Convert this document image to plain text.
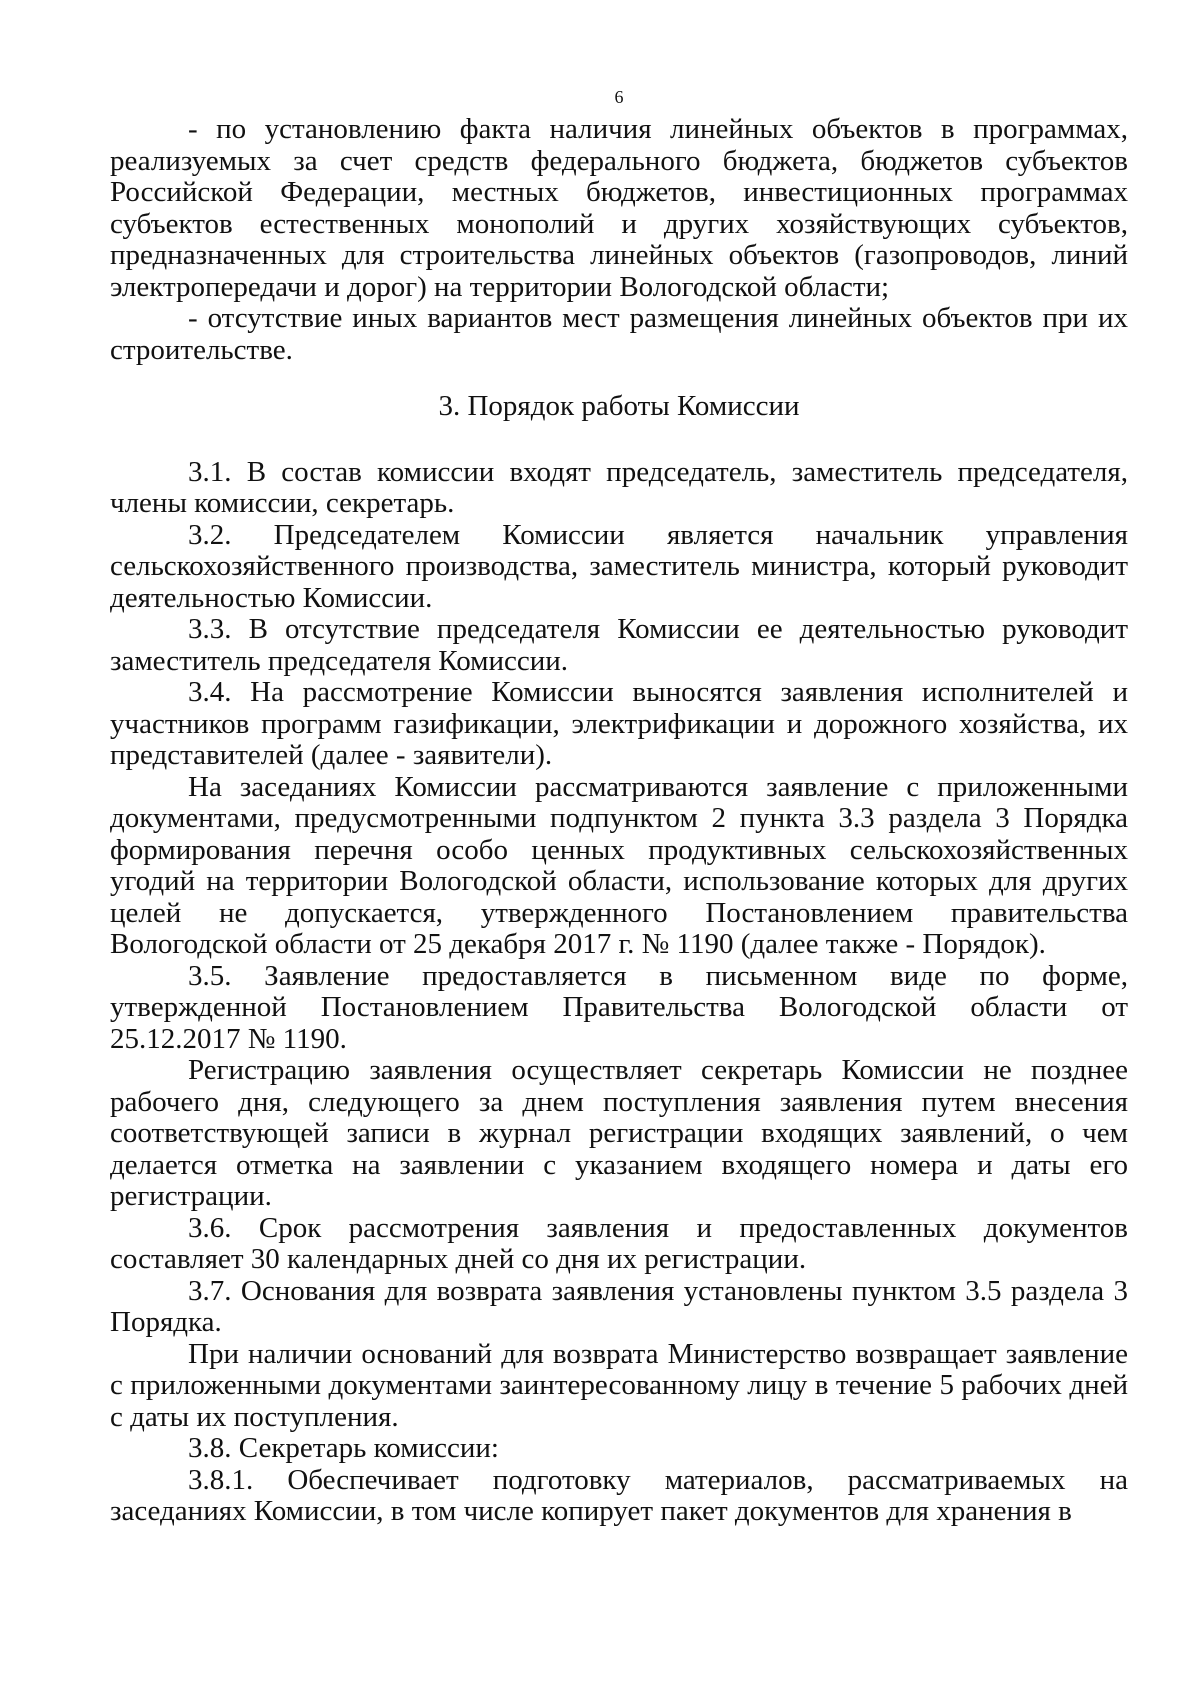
6

- по установлению факта наличия линейных объектов в программах, реализуемых за счет средств федерального бюджета, бюджетов субъектов Российской Федерации, местных бюджетов, инвестиционных программах субъектов естественных монополий и других хозяйствующих субъектов, предназначенных для строительства линейных объектов (газопроводов, линий электропередачи и дорог) на территории Вологодской области;

- отсутствие иных вариантов мест размещения линейных объектов при их строительстве.

3. Порядок работы Комиссии

3.1. В состав комиссии входят председатель, заместитель председателя, члены комиссии, секретарь.

3.2. Председателем Комиссии является начальник управления сельскохозяйственного производства, заместитель министра, который руководит деятельностью Комиссии.

3.3. В отсутствие председателя Комиссии ее деятельностью руководит заместитель председателя Комиссии.

3.4. На рассмотрение Комиссии выносятся заявления исполнителей и участников программ газификации, электрификации и дорожного хозяйства, их представителей (далее - заявители).

На заседаниях Комиссии рассматриваются заявление с приложенными документами, предусмотренными подпунктом 2 пункта 3.3 раздела 3 Порядка формирования перечня особо ценных продуктивных сельскохозяйственных угодий на территории Вологодской области, использование которых для других целей не допускается, утвержденного Постановлением правительства Вологодской области от 25 декабря 2017 г. № 1190 (далее также - Порядок).

3.5. Заявление предоставляется в письменном виде по форме, утвержденной Постановлением Правительства Вологодской области от 25.12.2017 № 1190.

Регистрацию заявления осуществляет секретарь Комиссии не позднее рабочего дня, следующего за днем поступления заявления путем внесения соответствующей записи в журнал регистрации входящих заявлений, о чем делается отметка на заявлении с указанием входящего номера и даты его регистрации.

3.6. Срок рассмотрения заявления и предоставленных документов составляет 30 календарных дней со дня их регистрации.

3.7. Основания для возврата заявления установлены пунктом 3.5 раздела 3 Порядка.

При наличии оснований для возврата Министерство возвращает заявление с приложенными документами заинтересованному лицу в течение 5 рабочих дней с даты их поступления.

3.8. Секретарь комиссии:

3.8.1. Обеспечивает подготовку материалов, рассматриваемых на заседаниях Комиссии, в том числе копирует пакет документов для хранения в
